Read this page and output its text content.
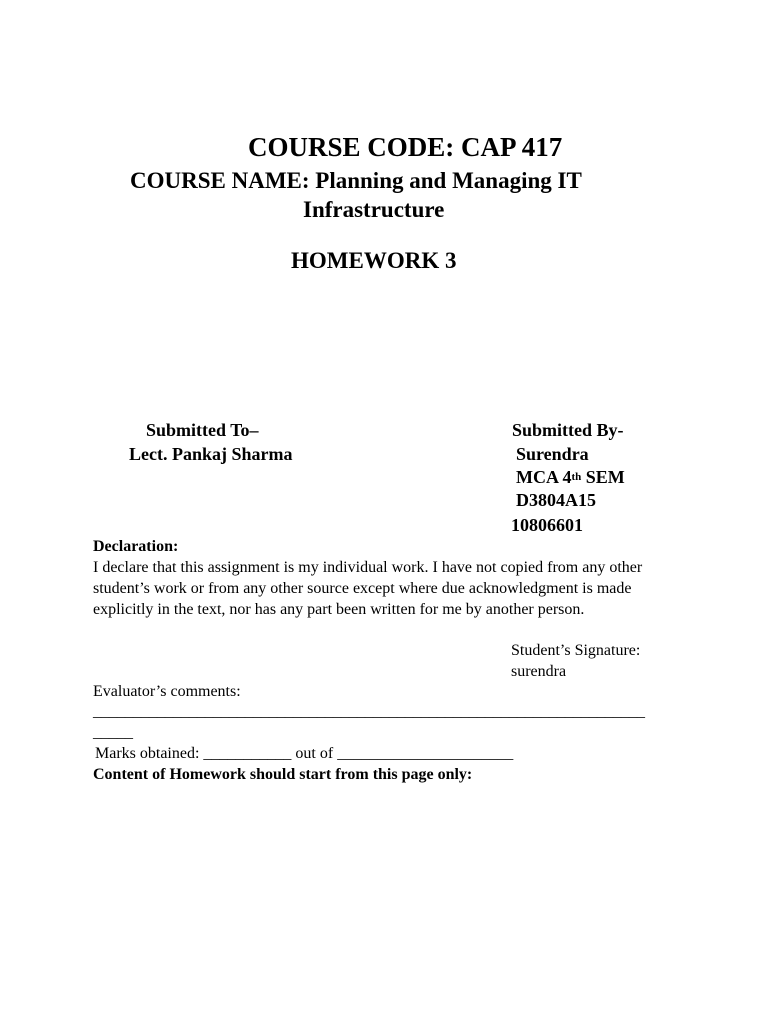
COURSE CODE: CAP 417
COURSE NAME: Planning and Managing IT
Infrastructure
HOMEWORK 3
Submitted To–
Lect. Pankaj Sharma
Submitted By-
Surendra
MCA 4th SEM
D3804A15
10806601
Declaration:
I declare that this assignment is my individual work. I have not copied from any other student’s work or from any other source except where due acknowledgment is made explicitly in the text, nor has any part been written for me by another person.
Student’s Signature:
surendra
Evaluator’s comments:
_____________________________________________________________________
_____
Marks obtained: ___________ out of ______________________
Content of Homework should start from this page only:
